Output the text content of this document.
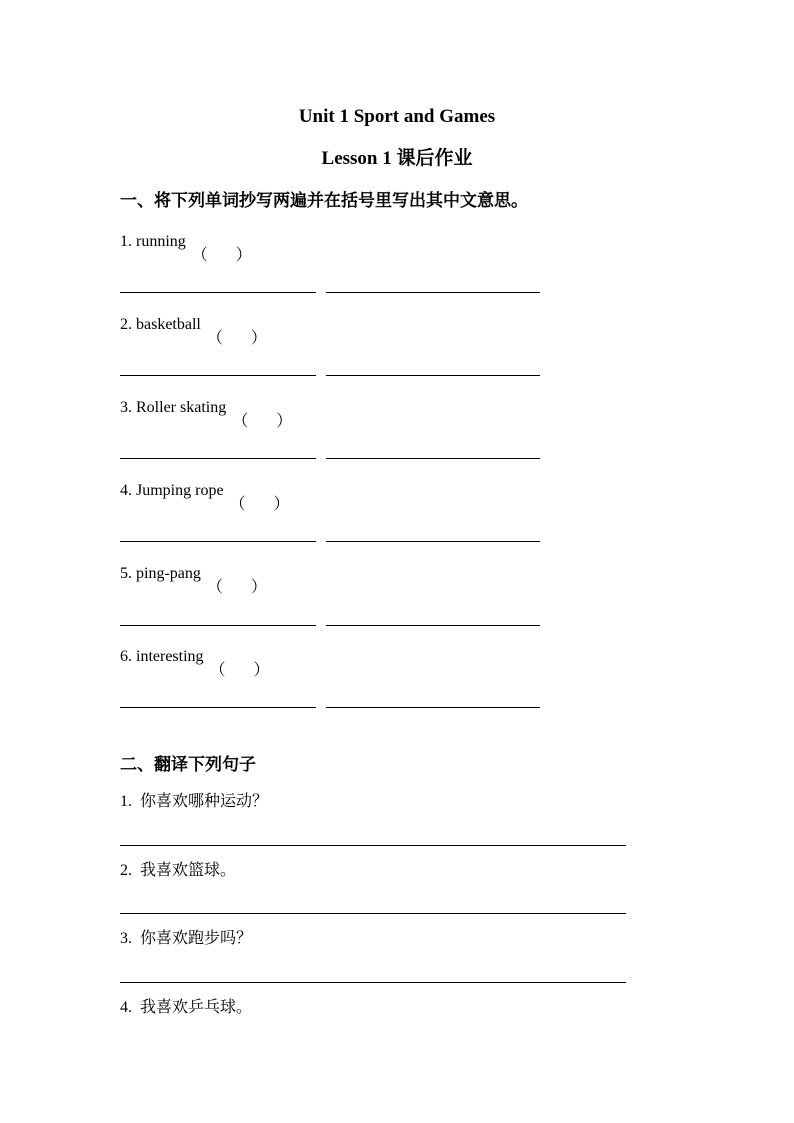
Unit 1 Sport and Games
Lesson 1 课后作业
一、将下列单词抄写两遍并在括号里写出其中文意思。
1. running
（ ）
2. basketball
（ ）
3. Roller skating
（ ）
4. Jumping rope
（ ）
5. ping-pang
（ ）
6. interesting
（ ）
二、翻译下列句子
1. 你喜欢哪种运动？
2. 我喜欢篮球。
3. 你喜欢跑步吗？
4. 我喜欢乒乓球。
